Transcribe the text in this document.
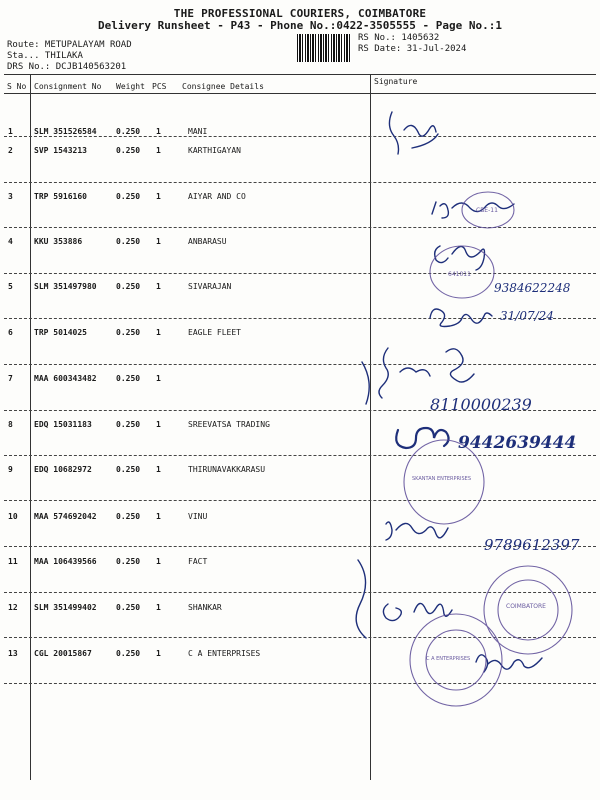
THE PROFESSIONAL COURIERS, COIMBATORE
Delivery Runsheet - P43 - Phone No.:0422-3505555 - Page No.:1
Route: METUPALAYAM ROAD
Sta... THILAKA
DRS No.: DCJB140563201
RS No.: 1405632
RS Date: 31-Jul-2024
S No Consignment No Weight PCS Consignee Details
Signature
1	SLM 351526584 0.250 1	MANI
2	SVP 1543213	0.250 1	KARTHIGAYAN
3	TRP 5916160	0.250 1	AIYAR AND CO
4	KKU 353886	0.250 1	ANBARASU
5	SLM 351497980 0.250 1	SIVARAJAN
6	TRP 5014025	0.250 1	EAGLE FLEET
7	MAA 600343482 0.250 1
8	EDQ 15031183	0.250 1	SREEVATSA TRADING
9	EDQ 10682972	0.250 1	THIRUNAVAKKARASU
10 MAA 574692042 0.250 1	VINU
11 MAA 106439566 0.250 1	FACT
12 SLM 351499402 0.250 1	SHANKAR
13 CGL 20015867	0.250 1	C A ENTERPRISES
CBE-11
641011
SKANTAN ENTERPRISES
COIMBATORE
C A ENTERPRISES
9384622248
31/07/24
8110000239
9442639444
9789612397
